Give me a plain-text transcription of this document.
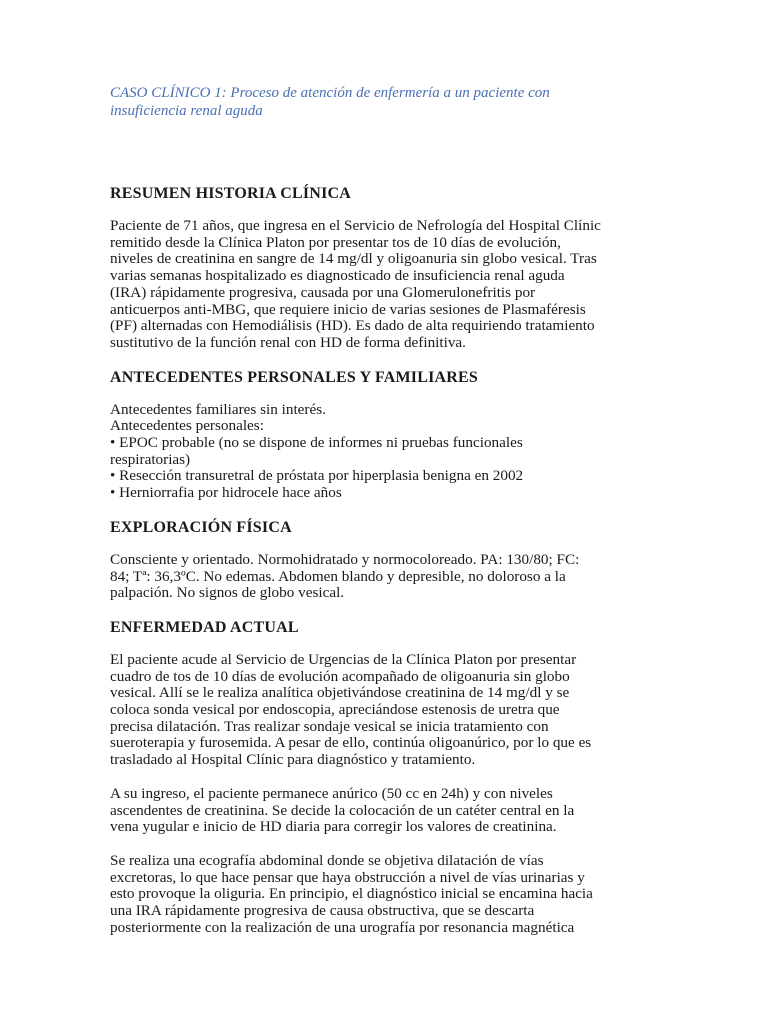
CASO CLÍNICO 1: Proceso de atención de enfermería a un paciente con
insuficiencia renal aguda
RESUMEN HISTORIA CLÍNICA

Paciente de 71 años, que ingresa en el Servicio de Nefrología del Hospital Clínic
remitido desde la Clínica Platon por presentar tos de 10 días de evolución,
niveles de creatinina en sangre de 14 mg/dl y oligoanuria sin globo vesical. Tras
varias semanas hospitalizado es diagnosticado de insuficiencia renal aguda
(IRA) rápidamente progresiva, causada por una Glomerulonefritis por
anticuerpos anti-MBG, que requiere inicio de varias sesiones de Plasmaféresis
(PF) alternadas con Hemodiálisis (HD). Es dado de alta requiriendo tratamiento
sustitutivo de la función renal con HD de forma definitiva.

ANTECEDENTES PERSONALES Y FAMILIARES

Antecedentes familiares sin interés.
Antecedentes personales:
• EPOC probable (no se dispone de informes ni pruebas funcionales
respiratorias)
• Resección transuretral de próstata por hiperplasia benigna en 2002
• Herniorrafia por hidrocele hace años

EXPLORACIÓN FÍSICA

Consciente y orientado. Normohidratado y normocoloreado. PA: 130/80; FC:
84; Tª: 36,3ºC. No edemas. Abdomen blando y depresible, no doloroso a la
palpación. No signos de globo vesical.

ENFERMEDAD ACTUAL

El paciente acude al Servicio de Urgencias de la Clínica Platon por presentar
cuadro de tos de 10 días de evolución acompañado de oligoanuria sin globo
vesical. Allí se le realiza analítica objetivándose creatinina de 14 mg/dl y se
coloca sonda vesical por endoscopia, apreciándose estenosis de uretra que
precisa dilatación. Tras realizar sondaje vesical se inicia tratamiento con
sueroterapia y furosemida. A pesar de ello, continúa oligoanúrico, por lo que es
trasladado al Hospital Clínic para diagnóstico y tratamiento.

A su ingreso, el paciente permanece anúrico (50 cc en 24h) y con niveles
ascendentes de creatinina. Se decide la colocación de un catéter central en la
vena yugular e inicio de HD diaria para corregir los valores de creatinina.

Se realiza una ecografía abdominal donde se objetiva dilatación de vías
excretoras, lo que hace pensar que haya obstrucción a nivel de vías urinarias y
esto provoque la oliguria. En principio, el diagnóstico inicial se encamina hacia
una IRA rápidamente progresiva de causa obstructiva, que se descarta
posteriormente con la realización de una urografía por resonancia magnética
